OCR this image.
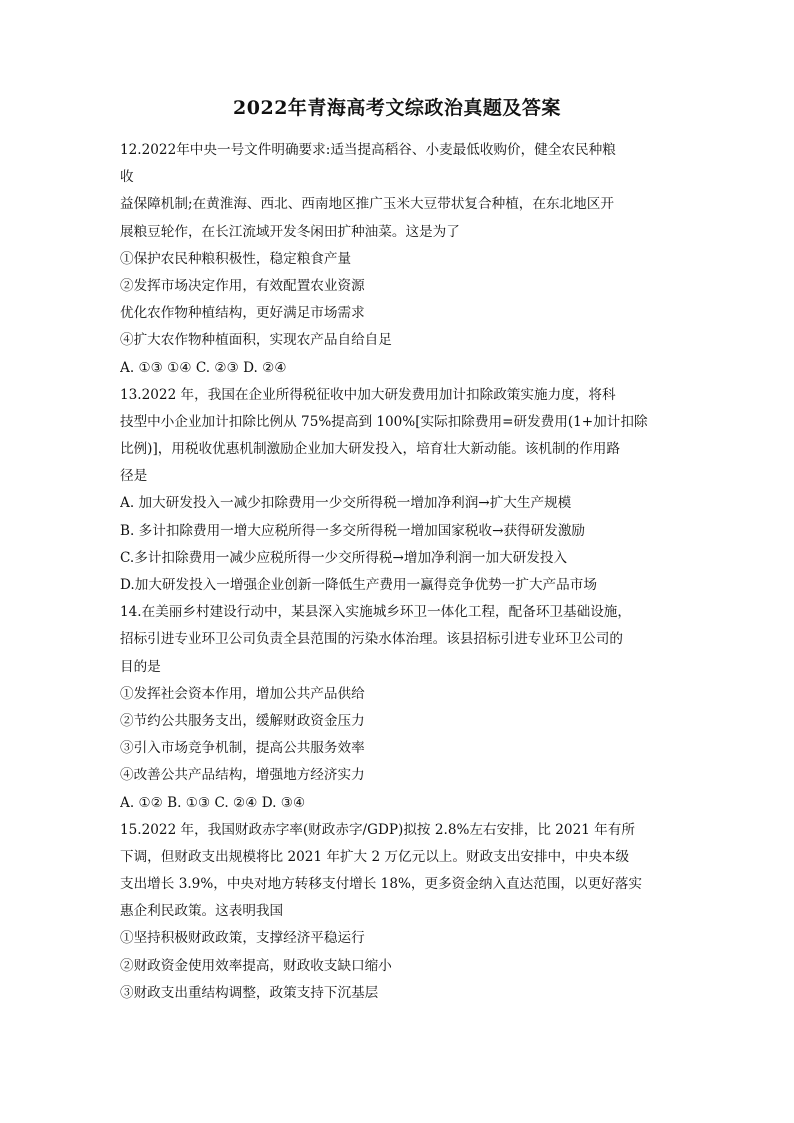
2022年青海高考文综政治真题及答案
12.2022年中央一号文件明确要求:适当提高稻谷、小麦最低收购价，健全农民种粮
收
益保障机制;在黄淮海、西北、西南地区推广玉米大豆带状复合种植，在东北地区开
展粮豆轮作，在长江流域开发冬闲田扩种油菜。这是为了
①保护农民种粮积极性，稳定粮食产量
②发挥市场决定作用，有效配置农业资源
优化农作物种植结构，更好满足市场需求
④扩大农作物种植面积，实现农产品自给自足
A. ①③ ①④ C. ②③ D. ②④
13.2022 年，我国在企业所得税征收中加大研发费用加计扣除政策实施力度，将科
技型中小企业加计扣除比例从 75%提高到 100%[实际扣除费用=研发费用(1+加计扣除
比例)]，用税收优惠机制激励企业加大研发投入，培育壮大新动能。该机制的作用路
径是
A. 加大研发投入一减少扣除费用一少交所得税一增加净利润→扩大生产规模
B. 多计扣除费用一增大应税所得一多交所得税一增加国家税收→获得研发激励
C.多计扣除费用一减少应税所得一少交所得税→增加净利润一加大研发投入
D.加大研发投入一增强企业创新一降低生产费用一赢得竞争优势一扩大产品市场
14.在美丽乡村建设行动中，某县深入实施城乡环卫一体化工程，配备环卫基础设施，
招标引进专业环卫公司负责全县范围的污染水体治理。该县招标引进专业环卫公司的
目的是
①发挥社会资本作用，增加公共产品供给
②节约公共服务支出，缓解财政资金压力
③引入市场竞争机制，提高公共服务效率
④改善公共产品结构，增强地方经济实力
A. ①② B. ①③ C. ②④ D. ③④
15.2022 年，我国财政赤字率(财政赤字/GDP)拟按 2.8%左右安排，比 2021 年有所
下调，但财政支出规模将比 2021 年扩大 2 万亿元以上。财政支出安排中，中央本级
支出增长 3.9%，中央对地方转移支付增长 18%，更多资金纳入直达范围，以更好落实
惠企利民政策。这表明我国
①坚持积极财政政策，支撑经济平稳运行
②财政资金使用效率提高，财政收支缺口缩小
③财政支出重结构调整，政策支持下沉基层
